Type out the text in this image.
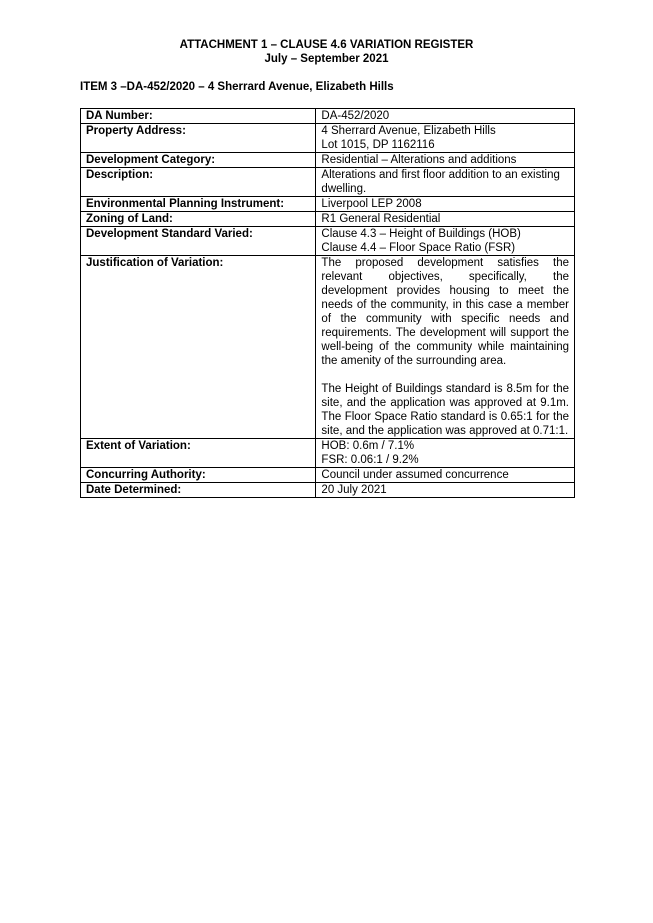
ATTACHMENT 1 – CLAUSE 4.6 VARIATION REGISTER
July – September 2021
ITEM 3 –DA-452/2020 – 4 Sherrard Avenue, Elizabeth Hills
DA Number:	DA-452/2020
Property Address:	4 Sherrard Avenue, Elizabeth Hills
Lot 1015, DP 1162116

Development Category:	Residential – Alterations and additions
Description:	Alterations and first floor addition to an existing dwelling.
Environmental Planning Instrument:	Liverpool LEP 2008
Zoning of Land:	R1 General Residential
Development Standard Varied:	Clause 4.3 – Height of Buildings (HOB)
Clause 4.4 – Floor Space Ratio (FSR)

Justification of Variation:	The proposed development satisfies the relevant objectives, specifically, the development provides housing to meet the needs of the community, in this case a member of the community with specific needs and requirements. The development will support the well-being of the community while maintaining the amenity of the surrounding area.
The Height of Buildings standard is 8.5m for the site, and the application was approved at 9.1m. The Floor Space Ratio standard is 0.65:1 for the site, and the application was approved at 0.71:1.

Extent of Variation:	HOB: 0.6m / 7.1%
FSR: 0.06:1 / 9.2%

Concurring Authority:	Council under assumed concurrence
Date Determined:	20 July 2021
